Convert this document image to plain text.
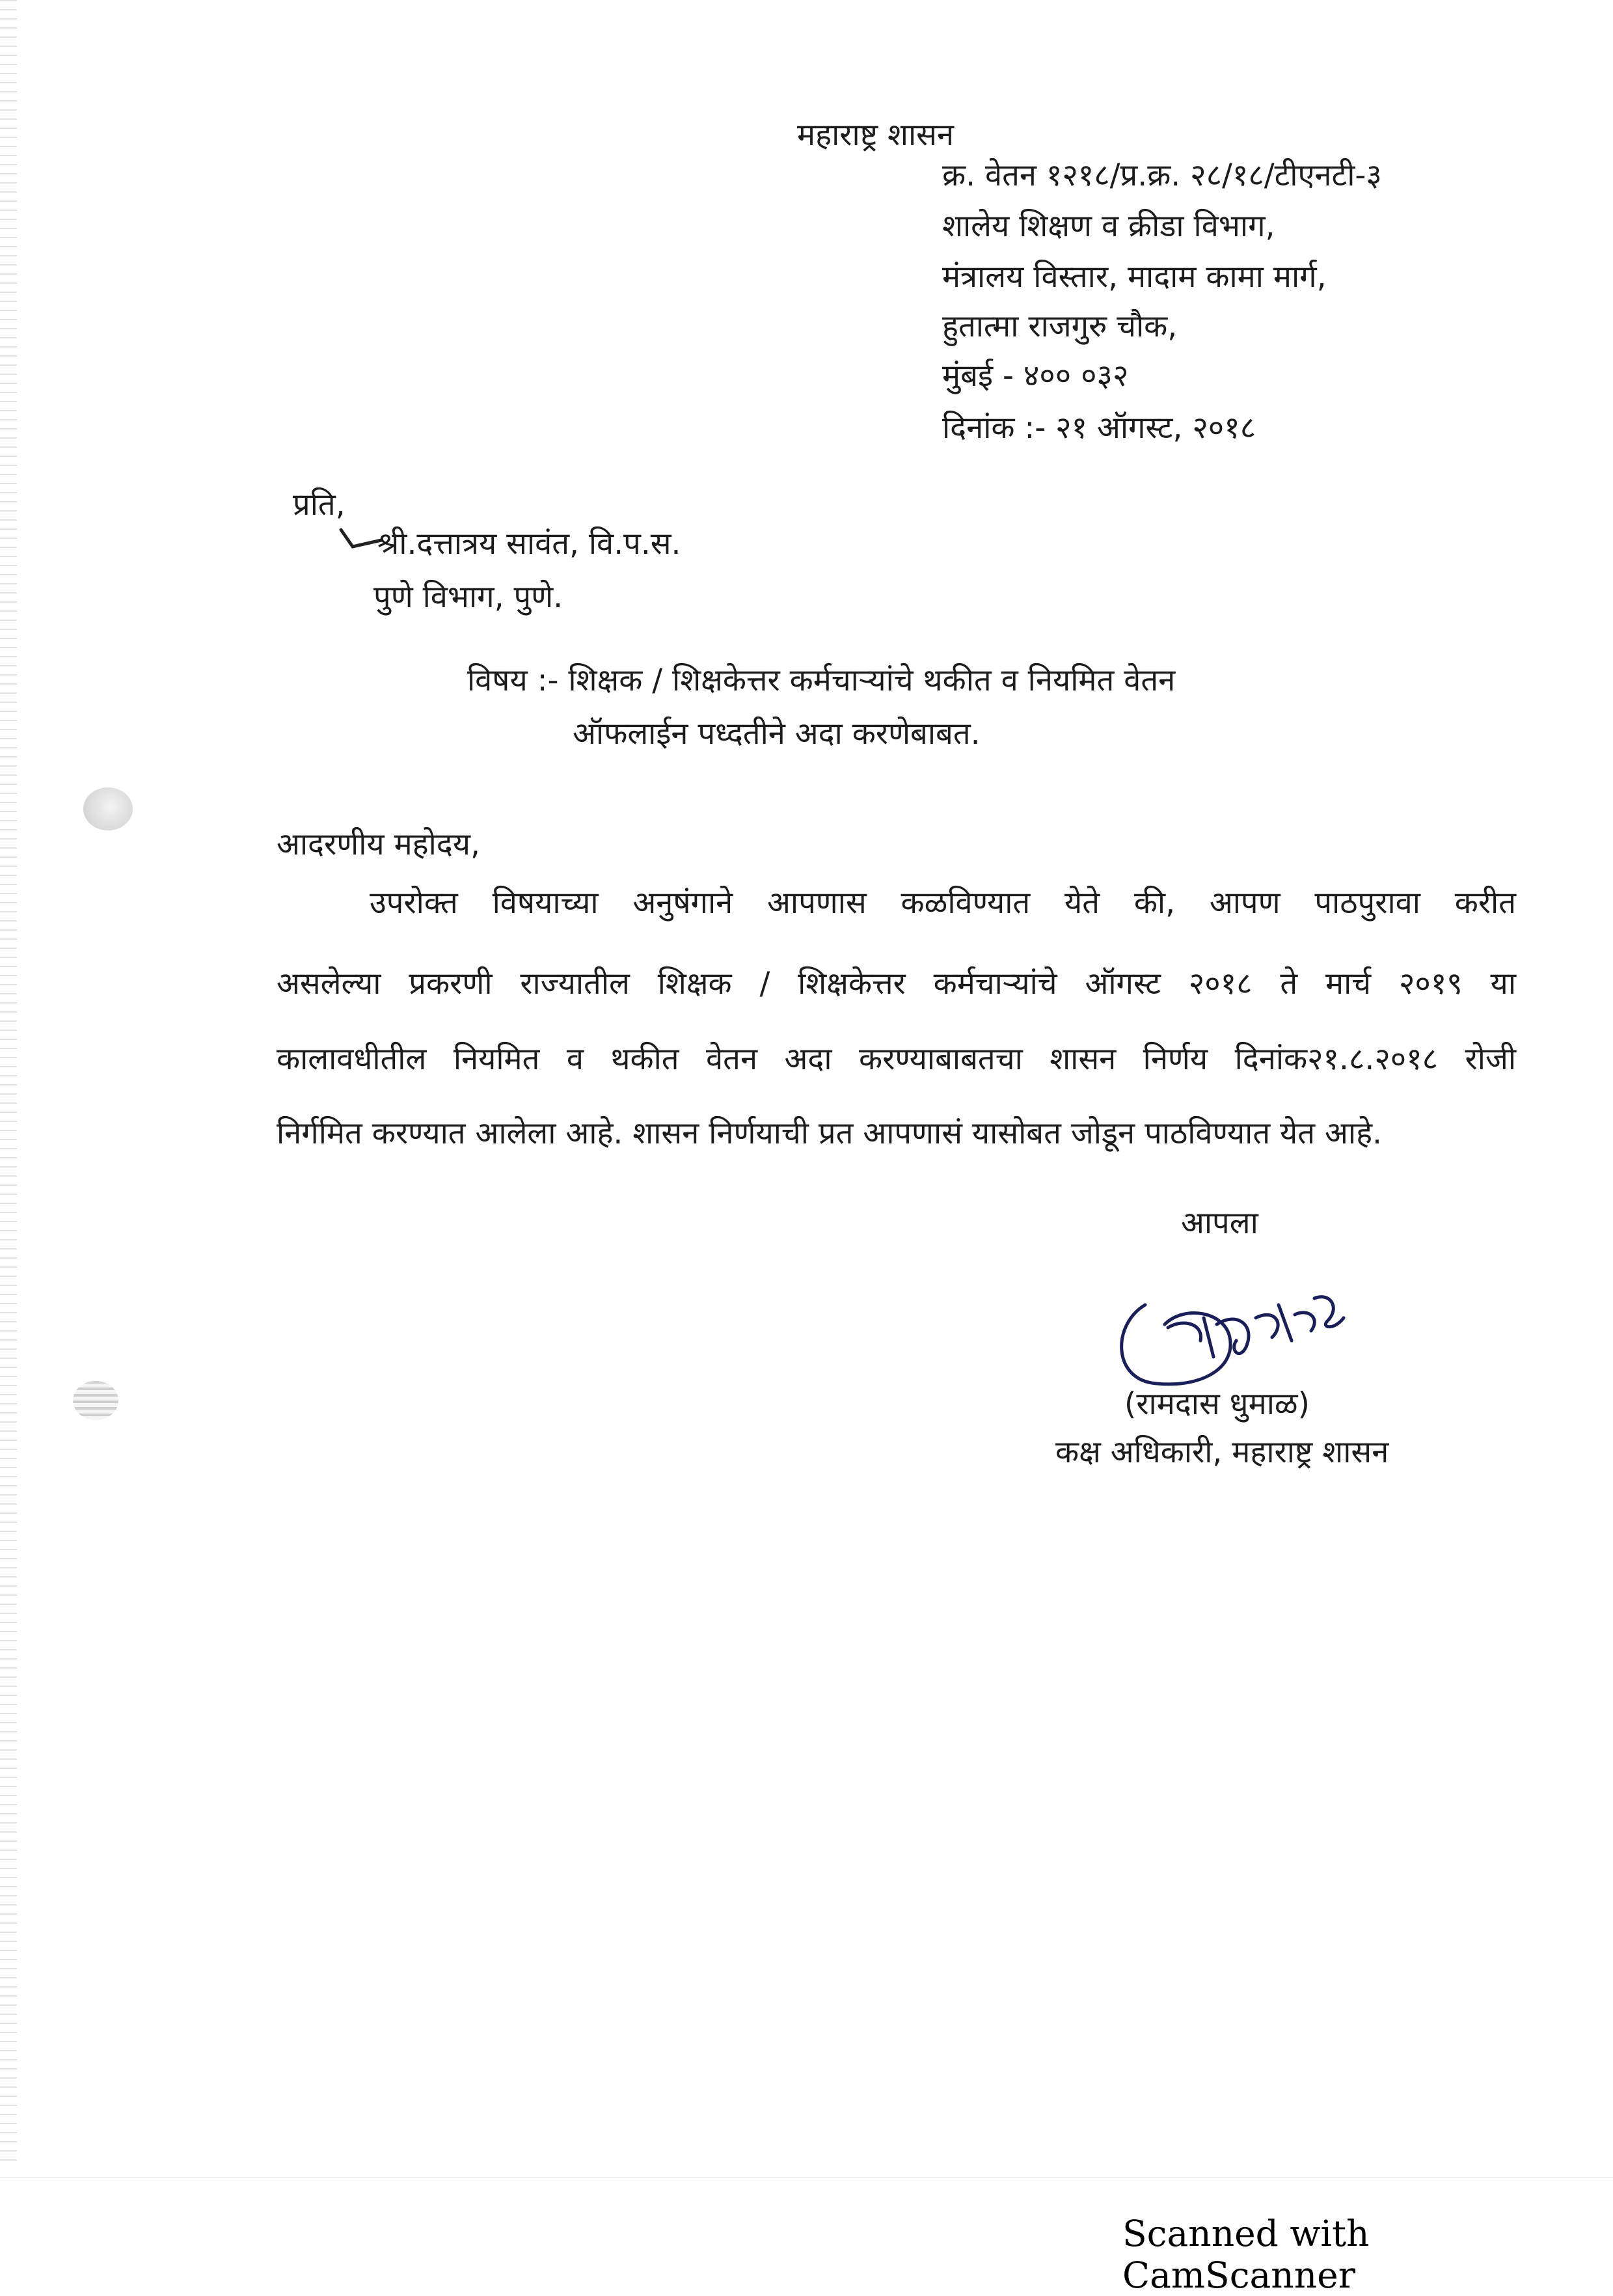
महाराष्ट्र शासन
क्र. वेतन १२१८/प्र.क्र. २८/१८/टीएनटी-३
शालेय शिक्षण व क्रीडा विभाग,
मंत्रालय विस्तार, मादाम कामा मार्ग,
हुतात्मा राजगुरु चौक,
मुंबई - ४०० ०३२
दिनांक :- २१ ऑगस्ट, २०१८
प्रति,
श्री.दत्तात्रय सावंत, वि.प.स.
पुणे विभाग, पुणे.
विषय :- शिक्षक / शिक्षकेत्तर कर्मचाऱ्यांचे थकीत व नियमित वेतन
ऑफलाईन पध्दतीने अदा करणेबाबत.
आदरणीय महोदय,
उपरोक्त विषयाच्या अनुषंगाने आपणास कळविण्यात येते की, आपण पाठपुरावा करीत
असलेल्या प्रकरणी राज्यातील शिक्षक / शिक्षकेत्तर कर्मचाऱ्यांचे ऑगस्ट २०१८ ते मार्च २०१९ या
कालावधीतील नियमित व थकीत वेतन अदा करण्याबाबतचा शासन निर्णय दिनांक२१.८.२०१८ रोजी
निर्गमित करण्यात आलेला आहे. शासन निर्णयाची प्रत आपणासं यासोबत जोडून पाठविण्यात येत आहे.
आपला
(रामदास धुमाळ)
कक्ष अधिकारी, महाराष्ट्र शासन
Scanned with CamScanner
